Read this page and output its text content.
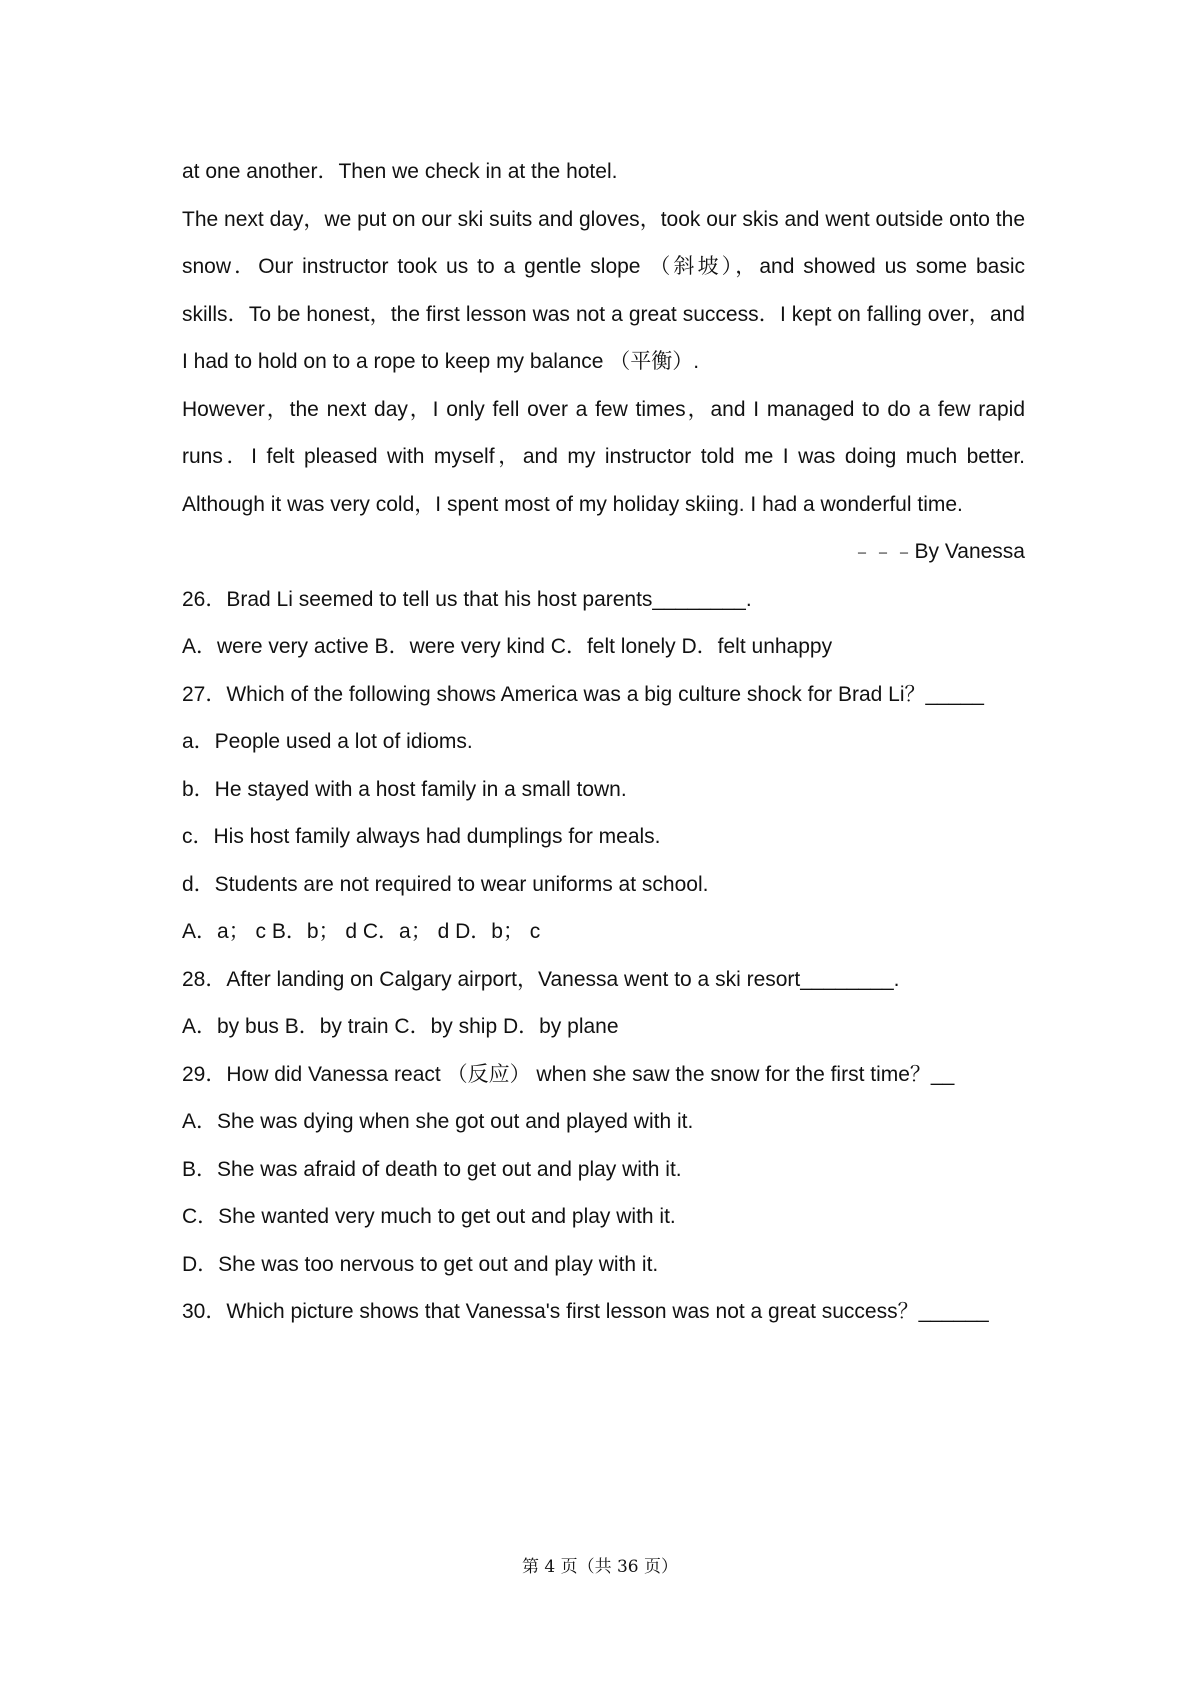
at one another．Then we check in at the hotel.

The next day，we put on our ski suits and gloves，took our skis and went outside onto the snow．Our instructor took us to a gentle slope （斜坡），and showed us some basic skills．To be honest，the first lesson was not a great success．I kept on falling over，and I had to hold on to a rope to keep my balance （平衡）.

However，the next day，I only fell over a few times，and I managed to do a few rapid runs．I felt pleased with myself，and my instructor told me I was doing much better. Although it was very cold，I spent most of my holiday skiing. I had a wonderful time.

﹣﹣﹣By Vanessa

26．Brad Li seemed to tell us that his host parents________.

A．were very active B．were very kind C．felt lonely D．felt unhappy

27．Which of the following shows America was a big culture shock for Brad Li？_____

a．People used a lot of idioms.

b．He stayed with a host family in a small town.

c．His host family always had dumplings for meals.

d．Students are not required to wear uniforms at school.

A．a； c B．b； d C．a； d D．b； c

28．After landing on Calgary airport，Vanessa went to a ski resort________.

A．by bus B．by train C．by ship D．by plane

29．How did Vanessa react （反应） when she saw the snow for the first time？__

A．She was dying when she got out and played with it.

B．She was afraid of death to get out and play with it.

C．She wanted very much to get out and play with it.

D．She was too nervous to get out and play with it.

30．Which picture shows that Vanessa's first lesson was not a great success？______

第 4 页（共 36 页）
